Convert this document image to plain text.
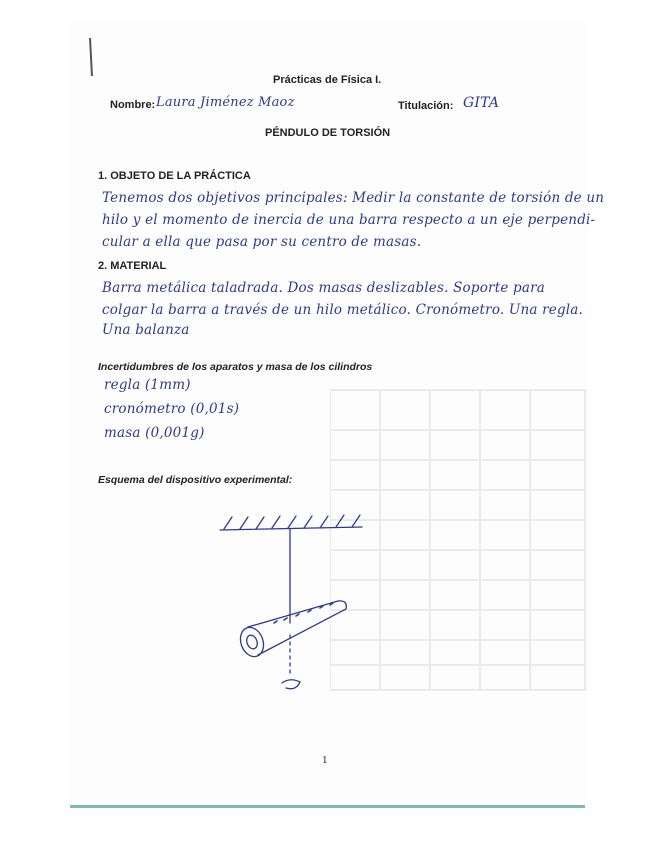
Prácticas de Física I.
Nombre: Laura Jiménez Maoz	Titulación: GITA
PÉNDULO DE TORSIÓN
1. OBJETO DE LA PRÁCTICA
Tenemos dos objetivos principales: Medir la constante de torsión de un
hilo y el momento de inercia de una barra respecto a un eje perpendi-
cular a ella que pasa por su centro de masas.
2. MATERIAL
Barra metálica taladrada. Dos masas deslizables. Soporte para
colgar la barra a través de un hilo metálico. Cronómetro. Una regla.
Una balanza
Incertidumbres de los aparatos y masa de los cilindros
regla (1mm)
cronómetro (0,01s)
masa (0,001g)
Esquema del dispositivo experimental:
1
